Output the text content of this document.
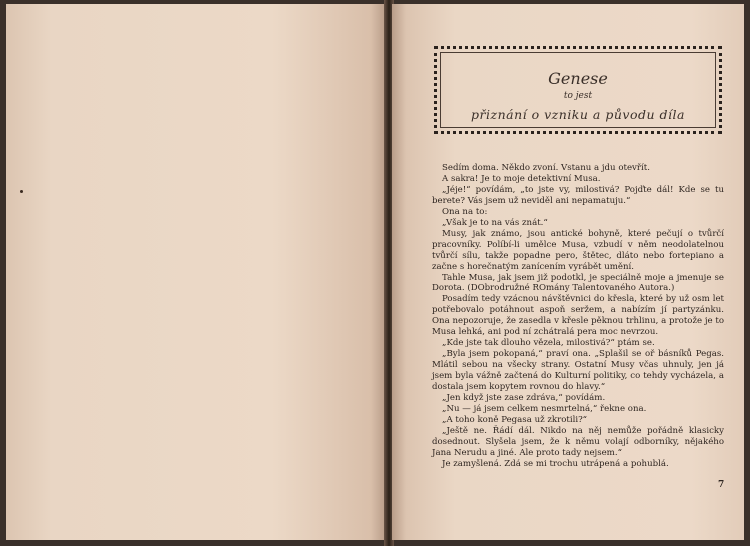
Genese
to jest
přiznání o vzniku a původu díla

Sedím doma. Někdo zvoní. Vstanu a jdu otevřít.

A sakra! Je to moje detektivní Musa.

„Jéje!“ povídám, „to jste vy, milostivá? Pojďte dál! Kde se tu berete? Vás jsem už neviděl ani nepamatuju.“

Ona na to:

„Však je to na vás znát.“

Musy, jak známo, jsou antické bohyně, které pečují o tvůrčí pracovníky. Políbí-li umělce Musa, vzbudí v něm neodolatelnou tvůrčí sílu, takže popadne pero, štětec, dláto nebo fortepiano a začne s horečnatým zanícením vyrábět umění.

Tahle Musa, jak jsem již podotkl, je speciálně moje a jmenuje se Dorota. (DObrodružné ROmány Talentovaného Autora.)

Posadím tedy vzácnou návštěvnici do křesla, které by už osm let potřebovalo potáhnout aspoň seržem, a nabízím jí partyzánku. Ona nepozoruje, že zasedla v křesle pěknou trhlinu, a protože je to Musa lehká, ani pod ní zchátralá pera moc nevrzou.

„Kde jste tak dlouho vězela, milostivá?“ ptám se.

„Byla jsem pokopaná,“ praví ona. „Splašil se oř básníků Pegas. Mlátil sebou na všecky strany. Ostatní Musy včas uhnuly, jen já jsem byla vážně začtená do Kulturní politiky, co tehdy vycházela, a dostala jsem kopytem rovnou do hlavy.“

„Jen když jste zase zdráva,“ povídám.

„Nu — já jsem celkem nesmrtelná,“ řekne ona.

„A toho koně Pegasa už zkrotili?“

„Ještě ne. Řádí dál. Nikdo na něj nemůže pořádně klasicky dosednout. Slyšela jsem, že k němu volají odborníky, nějakého Jana Nerudu a jiné. Ale proto tady nejsem.“

Je zamyšlená. Zdá se mi trochu utrápená a pohublá.

7
